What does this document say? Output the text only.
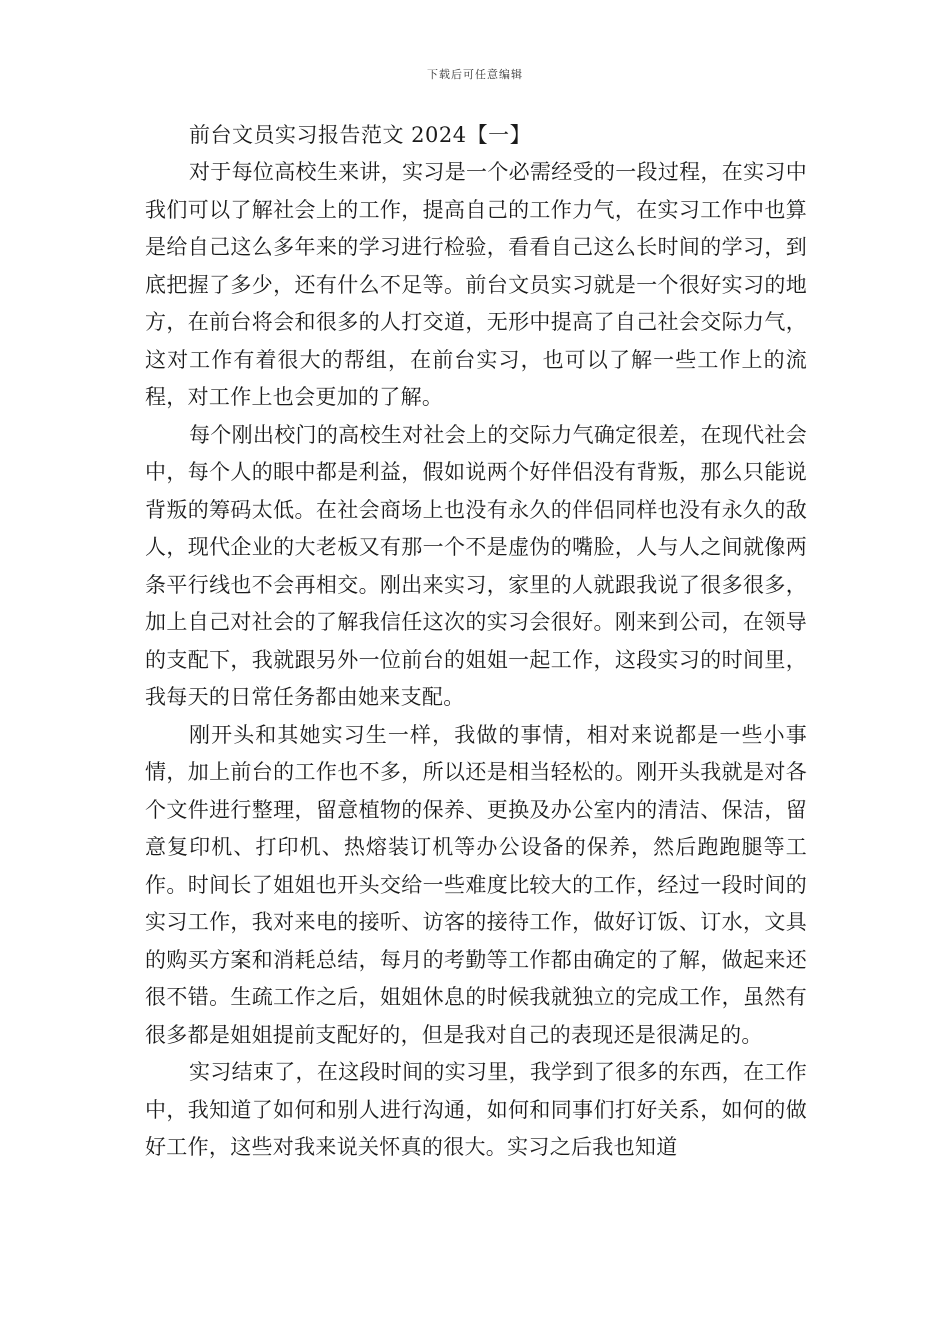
下载后可任意编辑
前台文员实习报告范文 2024【一】

对于每位高校生来讲，实习是一个必需经受的一段过程，在实习中我们可以了解社会上的工作，提高自己的工作力气，在实习工作中也算是给自己这么多年来的学习进行检验，看看自己这么长时间的学习，到底把握了多少，还有什么不足等。前台文员实习就是一个很好实习的地方，在前台将会和很多的人打交道，无形中提高了自己社会交际力气，这对工作有着很大的帮组，在前台实习，也可以了解一些工作上的流程，对工作上也会更加的了解。

每个刚出校门的高校生对社会上的交际力气确定很差，在现代社会中，每个人的眼中都是利益，假如说两个好伴侣没有背叛，那么只能说背叛的筹码太低。在社会商场上也没有永久的伴侣同样也没有永久的敌人，现代企业的大老板又有那一个不是虚伪的嘴脸，人与人之间就像两条平行线也不会再相交。刚出来实习，家里的人就跟我说了很多很多，加上自己对社会的了解我信任这次的实习会很好。刚来到公司，在领导的支配下，我就跟另外一位前台的姐姐一起工作，这段实习的时间里，我每天的日常任务都由她来支配。

刚开头和其她实习生一样，我做的事情，相对来说都是一些小事情，加上前台的工作也不多，所以还是相当轻松的。刚开头我就是对各个文件进行整理，留意植物的保养、更换及办公室内的清洁、保洁，留意复印机、打印机、热熔装订机等办公设备的保养，然后跑跑腿等工作。时间长了姐姐也开头交给一些难度比较大的工作，经过一段时间的实习工作，我对来电的接听、访客的接待工作，做好订饭、订水，文具的购买方案和消耗总结，每月的考勤等工作都由确定的了解，做起来还很不错。生疏工作之后，姐姐休息的时候我就独立的完成工作，虽然有很多都是姐姐提前支配好的，但是我对自己的表现还是很满足的。

实习结束了，在这段时间的实习里，我学到了很多的东西，在工作中，我知道了如何和别人进行沟通，如何和同事们打好关系，如何的做好工作，这些对我来说关怀真的很大。实习之后我也知道
